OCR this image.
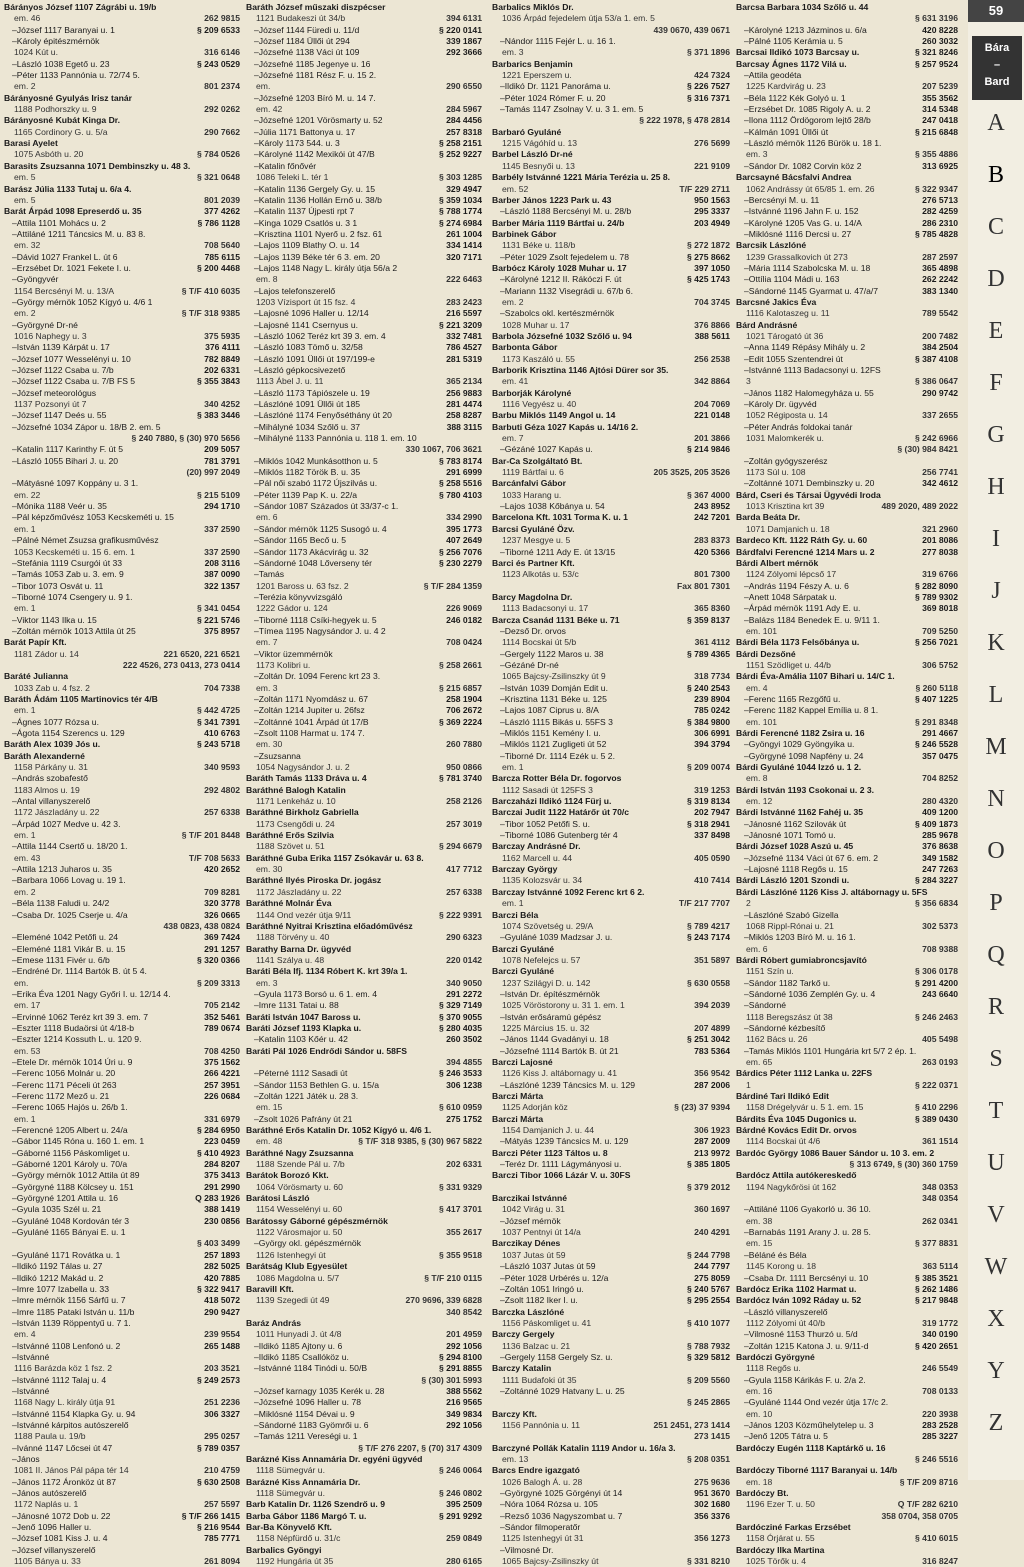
Bárányos József 1107 Zágrábi u. 19/b
em. 46	262 9815
–József 1117 Baranyai u. 1	§ 209 6533
–Károly épitészmérnök
1024 Kút u.	316 6146
–László 1038 Egető u. 23	§ 243 0529
–Péter 1133 Pannónia u. 72/74 5.
em. 2	801 2374
Bárányosné Gyulyás Irisz tanár
1188 Podhorszky u. 9	292 0262
Bárányosné Kubát Kinga Dr.
1165 Cordinory G. u. 5/a	290 7662
Barasi Ayelet
1075 Asbóth u. 20	§ 784 0526
Barasits Zsuzsanna 1071 Dembinszky u. 48 3.
em. 5	§ 321 0648
Barász Júlia 1133 Tutaj u. 6/a 4.
em. 5	801 2039
Barát Árpád 1098 Epreserdő u. 35	377 4262
–Attila 1101 Mohács u. 2	§ 786 1128
–Attiláné 1211 Táncsics M. u. 83 8.
em. 32	708 5640
–Dávid 1027 Frankel L. út 6	785 6115
–Erzsébet Dr. 1021 Fekete I. u.	§ 200 4468
–Gyöngyvér
1154 Bercsényi M. u. 13/A	§ T/F 410 6035
–György mérnök 1052 Kígyó u. 4/6 1
em. 2	§ T/F 318 9385
–Györgyné Dr-né
1016 Naphegy u. 3	375 5935
–István 1139 Kárpát u. 17	376 4111
–József 1077 Wesselényi u. 10	782 8849
–József 1122 Csaba u. 7/b	202 6331
–József 1122 Csaba u. 7/B FS 5	§ 355 3843
–József meteorológus
1137 Pozsonyi út 7	340 4252
–József 1147 Deés u. 55	§ 383 3446
–Józsefné 1034 Zápor u. 18/B 2. em. 5
§ 240 7880, § (30) 970 5656
–Katalin 1117 Karinthy F. út 5	209 5057
–László 1055 Bihari J. u. 20	781 3791
(20) 997 2049
–Mátyásné 1097 Koppány u. 3 1.
em. 22	§ 215 5109
–Mónika 1188 Veér u. 35	294 1710
–Pál képzőművész 1053 Kecskeméti u. 15
em. 1	337 2590
–Pálné Német Zsuzsa grafikusművész
1053 Kecskeméti u. 15 6. em. 1	337 2590
–Stefánia 1119 Csurgói út 33	208 3116
–Tamás 1053 Zab u. 3. em. 9	387 0090
–Tibor 1073 Osvát u. 11	322 1357
–Tiborné 1074 Csengery u. 9 1.
em. 1	§ 341 0454
–Viktor 1143 Ilka u. 15	§ 221 5746
–Zoltán mérnök 1013 Attila út 25	375 8957
Barát Papír Kft.
1181 Zádor u. 14	221 6520, 221 6521
222 4526, 273 0413, 273 0414
Baráté Julianna
1033 Zab u. 4 fsz. 2	704 7338
Baráth Ádám 1105 Martinovics tér 4/B
em. 1	§ 442 4725
–Ágnes 1077 Rózsa u.	§ 341 7391
–Ágota 1154 Szerencs u. 129	410 6763
Baráth Alex 1039 Jós u.	§ 243 5718
Baráth Alexanderné
1158 Párkány u. 31	340 9593
–András szobafestő
1183 Almos u. 19	292 4802
–Antal villanyszerelő
1172 Jászladány u. 22	257 6338
–Árpád 1027 Medve u. 42 3.
em. 1	§ T/F 201 8448
–Attila 1144 Csertő u. 18/20 1.
em. 43	T/F 708 5633
–Attila 1213 Juharos u. 35	420 2652
–Barbara 1066 Lovag u. 19 1.
em. 2	709 8281
–Béla 1138 Faludi u. 24/2	320 3778
–Csaba Dr. 1025 Cserje u. 4/a	326 0665
438 0823, 438 0824
–Eleméné 1042 Petőfi u. 24	369 7424
–Eleméné 1181 Vikár B. u. 15	291 1257
–Emese 1131 Fivér u. 6/b	§ 320 0366
–Endréné Dr. 1114 Bartók B. út 5 4.
em.	§ 209 3313
–Erika Éva 1201 Nagy Győri I. u. 12/14 4.
em. 17	705 2142
–Ervinné 1062 Teréz krt 39 3. em. 7	352 5461
–Eszter 1118 Budaörsi út 4/18-b	789 0674
–Eszter 1214 Kossuth L. u. 120 9.
em. 53	708 4250
–Etele Dr. mérnök 1014 Úri u. 9	375 1562
–Ferenc 1056 Molnár u. 20	266 4221
–Ferenc 1171 Péceli út 263	257 3951
–Ferenc 1172 Mező u. 21	226 0684
–Ferenc 1065 Hajós u. 26/b 1.
em. 1	331 6979
–Ferencné 1205 Albert u. 24/a	§ 284 6950
–Gábor 1145 Róna u. 160 1. em. 1	223 0459
–Gáborné 1156 Páskomliget u.	§ 410 4923
–Gáborné 1201 Károly u. 70/a	284 8207
–György mérnök 1012 Attila út 89	375 3413
–Györgyné 1188 Kölcsey u. 151	291 2990
–Györgyné 1201 Attila u. 16	Q 283 1926
–Gyula 1035 Szél u. 21	388 1419
–Gyuláné 1048 Kordován tér 3	230 0856
–Gyuláné 1165 Bányai E. u. 1
§ 403 3499
–Gyuláné 1171 Rovátka u. 1	257 1893
–Ildikó 1192 Tálas u. 27	282 5025
–Ildikó 1212 Makád u. 2	420 7885
–Imre 1077 Izabella u. 33	§ 322 9417
–Imre mérnök 1156 Sárfű u. 7	418 5072
–Imre 1185 Pataki István u. 11/b	290 9427
–István 1139 Röppentyű u. 7 1.
em. 4	239 9554
–Istvánné 1108 Lenfonó u. 2	265 1488
–Istvánné
1116 Barázda köz 1 fsz. 2	203 3521
–Istvánné 1112 Talaj u. 4	§ 249 2573
–Istvánné
1168 Nagy L. király útja 91	251 2236
–Istvánné 1154 Klapka Gy. u. 94	306 3327
–Istvánné kárpitos autószerelő
1188 Paula u. 19/b	295 0257
–Ivánné 1147 Lőcsei út 47	§ 789 0357
–János
1081 II. János Pál pápa tér 14	210 4759
–János 1172 Áronköz út 87	§ 630 2508
–János autószerelő
1172 Naplás u. 1	257 5597
–Jánosné 1072 Dob u. 22	§ T/F 266 1415
–Jenő 1096 Haller u.	§ 216 9544
–József 1081 Kiss J. u. 4	785 7771
–József villanyszerelő
1105 Bánya u. 33	261 8094
Baráth József műszaki diszpécser
1121 Budakeszi út 34/b	394 6131
–József 1144 Füredi u. 11/d	§ 220 0141
–József 1184 Üllői út 294	339 1867
–Józsefné 1138 Váci út 109	292 3666
–Józsefné 1185 Jegenye u. 16
–Józsefné 1181 Rész F. u. 15 2.
em.	290 6550
–Józsefné 1203 Bíró M. u. 14 7.
em. 42	284 5967
–Józsefné 1201 Vörösmarty u. 52	284 4456
–Júlia 1171 Battonya u. 17	257 8318
–Károly 1173 544. u. 3	§ 258 2151
–Károlyné 1142 Mexikói út 47/B	§ 252 9227
–Katalin főnővér
1086 Teleki L. tér 1	§ 303 1285
–Katalin 1136 Gergely Gy. u. 15	329 4947
–Katalin 1136 Hollán Ernő u. 38/b	§ 359 1034
–Katalin 1137 Újpesti rpt 7	§ 788 1774
–Kinga 1029 Csatlós u. 3 1	§ 274 6984
–Krisztina 1101 Nyerő u. 2 fsz. 61	261 1004
–Lajos 1109 Blathy O. u. 14	334 1414
–Lajos 1139 Béke tér 6 3. em. 20	320 7171
–Lajos 1148 Nagy L. király útja 56/a 2
em. 8	222 6463
–Lajos telefonszerelő
1203 Vízisport út 15 fsz. 4	283 2423
–Lajosné 1096 Haller u. 12/14	216 5597
–Lajosné 1141 Csernyus u.	§ 221 3209
–László 1062 Teréz krt 39 3. em. 4	332 7481
–László 1083 Tömő u. 32/58	786 4527
–László 1091 Üllői út 197/199-e	281 5319
–László gépkocsivezető
1113 Ábel J. u. 11	365 2134
–László 1173 Tápiószele u. 19	256 9883
–Lászlóné 1091 Üllői út 185	281 4474
–Lászlóné 1174 Fenyőséthány út 20	258 8287
–Mihályné 1034 Szőlő u. 37	388 3115
–Mihályné 1133 Pannónia u. 118 1. em. 10
330 1067, 706 3621
–Miklós 1042 Munkásotthon u. 5	§ 783 8174
–Miklós 1182 Török B. u. 35	291 6999
–Pál női szabó 1172 Újszilvás u.	§ 258 5516
–Péter 1139 Pap K. u. 22/a	§ 780 4103
–Sándor 1087 Százados út 33/37-c 1.
em. 6	334 2990
–Sándor mérnök 1125 Susogó u. 4	395 1773
–Sándor 1165 Becő u. 5	407 2649
–Sándor 1173 Akácvirág u. 32	§ 256 7076
–Sándorné 1048 Lőverseny tér	§ 230 2279
–Tamás
1201 Baross u. 63 fsz. 2	§ T/F 284 1359
–Terézia könyvvizsgáló
1222 Gádor u. 124	226 9069
–Tiborné 1118 Csíki-hegyek u. 5	246 0182
–Tímea 1195 Nagysándor J. u. 4 2
em. 7	708 0424
–Viktor üzemmérnök
1173 Kolibri u.	§ 258 2661
–Zoltán Dr. 1094 Ferenc krt 23 3.
em. 3	§ 215 6857
–Zoltán 1171 Nyomdász u. 67	258 1904
–Zoltán 1214 Jupiter u. 26fsz	706 2672
–Zoltánné 1041 Árpád út 17/B	§ 369 2224
–Zsolt 1108 Harmat u. 174 7.
em. 30	260 7880
–Zsuzsanna
1054 Nagysándor J. u. 2	950 0866
Baráth Tamás 1133 Dráva u. 4	§ 781 3740
Baráthné Balogh Katalin
1171 Lenkeház u. 10	258 2126
Baráthné Birkholz Gabriella
1173 Csengődi u. 24	257 3019
Baráthné Erős Szilvia
1188 Szövet u. 51	§ 294 6679
Baráthné Guba Erika 1157 Zsókavár u. 63 8.
em. 30	417 7712
Baráthné Ilyés Piroska Dr. jogász
1172 Jászladány u. 22	257 6338
Baráthné Molnár Éva
1144 Ond vezér útja 9/11	§ 222 9391
Baráthné Nyitrai Krisztina előadóművész
1188 Törvény u. 40	290 6323
Barathy Barna Dr. ügyvéd
1141 Szálya u. 48	220 0142
Baráti Béla Ifj. 1134 Róbert K. krt 39/a 1.
em. 3	340 9050
–Gyula 1173 Borsó u. 6 1. em. 4	291 2272
–Imre 1131 Tatai u. 88	§ 329 7149
Baráti István 1047 Baross u.	§ 370 9055
Baráti József 1193 Klapka u.	§ 280 4035
–Katalin 1103 Kőér u. 42	260 3502
Baráti Pál 1026 Endrődi Sándor u. 58FS
394 4855
–Péterné 1112 Sasadi út	§ 246 3533
–Sándor 1153 Bethlen G. u. 15/a	306 1238
–Zoltán 1221 Játék u. 28 3.
em. 15	§ 610 0959
–Zsolt 1026 Pafrány út 21	275 1752
Baráthné Erős Katalin Dr. 1052 Kígyó u. 4/6 1.
em. 48	§ T/F 318 9385, § (30) 967 5822
Baráthné Nagy Zsuzsanna
1188 Szende Pál u. 7/b	202 6331
Barátok Borozó Kkt.
1064 Vörösmarty u. 60	§ 331 9329
Barátosi László
1154 Wesselényi u. 60	§ 417 3701
Barátossy Gáborné gépészmérnök
1122 Városmajor u. 50	355 2617
–György okl. gépészmérnök
1126 Istenhegyi út	§ 355 9518
Barátság Klub Egyesület
1086 Magdolna u. 5/7	§ T/F 210 0115
Baravill Kft.
1139 Szegedi út 49	270 9696, 339 6828
340 8542
Baráz András
1011 Hunyadi J. út 4/8	201 4959
–Ildikó 1185 Ajtony u. 6	292 1056
–Ildikó 1185 Csallóköz u.	§ 294 8100
–Istvánné 1184 Tinódi u. 50/B	§ 291 8855
§ (30) 301 5993
–József karnagy 1035 Kerék u. 28	388 5562
–Józsefné 1096 Haller u. 78	216 9565
–Miklósné 1154 Dévai u. 9	349 9834
–Sándorné 1183 Gyömrői u. 6	292 1056
–Tamás 1211 Vereségi u. 1
§ T/F 276 2207, § (70) 317 4309
Barázné Kiss Annamária Dr. egyéni ügyvéd
1118 Sümegvár u.	§ 246 0064
Barázné Kiss Annamária Dr.
1118 Sümegvár u.	§ 246 0802
Barb Katalin Dr. 1126 Szendrő u. 9	395 2509
Barba Gábor 1186 Margó T. u.	§ 291 9292
Bar-Ba Könyvelő Kft.
1158 Népfürdő u. 31/c	259 0849
Barbalics Gyöngyi
1192 Hungária út 35	280 6165
Barbalics Miklós Dr.
1036 Árpád fejedelem útja 53/a 1. em. 5
439 0670, 439 0671
–Nándor 1115 Fejér L. u. 16 1.
em. 3	§ 371 1896
Barbarics Benjamin
1221 Eperszem u.	424 7324
–Ildikó Dr. 1121 Panoráma u.	§ 226 7527
–Péter 1024 Rómer F. u. 20	§ 316 7371
–Tamás 1147 Zsolnay V. u. 3 1. em. 5
§ 222 1978, § 478 2814
Barbaró Gyuláné
1215 Vágóhíd u. 13	276 5699
Barbel László Dr-né
1145 Besnyői u. 13	221 9109
Barbély Istvánné 1221 Mária Terézia u. 25 8.
em. 52	T/F 229 2711
Barber János 1223 Park u. 43	950 1563
–László 1188 Bercsényi M. u. 28/b	295 3337
Barber Mária 1119 Bártfai u. 24/b	203 4949
Barbinek Gábor
1131 Béke u. 118/b	§ 272 1872
–Péter 1029 Zsolt fejedelem u. 78	§ 275 8662
Barbócz Károly 1028 Muhar u. 17	397 1050
–Károlyné 1212 II. Rákóczi F. út	§ 425 1743
–Mariann 1132 Visegrádi u. 67/b 6.
em. 2	704 3745
–Szabolcs okl. kertészmérnök
1028 Muhar u. 17	376 8866
Barbola Józsefné 1032 Szőlő u. 94	388 5611
Barbonta Gábor
1173 Kaszáló u. 55	256 2538
Barborik Krisztina 1146 Ajtósi Dürer sor 35.
em. 41	342 8864
Barborják Károlyné
1116 Vegyész u. 40	204 7069
Barbu Miklós 1149 Angol u. 14	221 0148
Barbuti Géza 1027 Kapás u. 14/16 2.
em. 7	201 3866
–Gézáné 1027 Kapás u.	§ 214 9846
Bar-Ca Szolgáltató Bt.
1119 Bártfai u. 6	205 3525, 205 3526
Barcánfalvi Gábor
1033 Harang u.	§ 367 4000
–Lajos 1038 Kőbánya u. 54	243 8952
Barcelona Kft. 1031 Torma K. u. 1	242 7201
Barcsi Gyuláné Özv.
1237 Mesgye u. 5	283 8373
–Tiborné 1211 Ady E. út 13/15	420 5366
Barci és Partner Kft.
1123 Alkotás u. 53/c	801 7300
Fax 801 7301
Barcy Magdolna Dr.
1113 Badacsonyi u. 17	365 8360
Barcza Csanád 1131 Béke u. 71	§ 359 8137
–Dezső Dr. orvos
1114 Bocskai út 5/b	361 4112
–Gergely 1122 Maros u. 38	§ 789 4365
–Gézáné Dr-né
1065 Bajcsy-Zsilinszky út 9	318 7734
–István 1039 Domján Edit u.	§ 240 2543
–Krisztina 1131 Béke u. 125	239 8904
–Lajos 1087 Ciprus u. 8/A	785 0242
–László 1115 Bikás u. 55FS 3	§ 384 9800
–Miklós 1151 Kemény I. u.	306 6991
–Miklós 1121 Zugligeti út 52	394 3794
–Tiborné Dr. 1114 Ezék u. 5 2.
em. 1	§ 209 0074
Barcza Rotter Béla Dr. fogorvos
1112 Sasadi út 125FS 3	319 1253
Barczaházi Ildikó 1124 Fürj u.	§ 319 8134
Barczai Judit 1122 Határőr út 70/c	202 7947
–Tibor 1052 Petőfi S. u.	§ 318 2941
–Tiborné 1086 Gutenberg tér 4	337 8498
Barczay Andrásné Dr.
1162 Marcell u. 44	405 0590
Barczay György
1135 Kolozsvár u. 34	410 7414
Barczay Istvánné 1092 Ferenc krt 6 2.
em. 1	T/F 217 7707
Barczi Béla
1074 Szövetség u. 29/A	§ 789 4217
–Gyuláné 1039 Madzsar J. u.	§ 243 7174
Barczi Gyuláné
1078 Nefelejcs u. 57	351 5897
Barczi Gyuláné
1237 Szilágyi D. u. 142	§ 630 0558
–István Dr. építészmérnök
1025 Vöröstorony u. 31 1. em. 1	394 2039
–István erősáramú gépész
1225 Március 15. u. 32	207 4899
–János 1144 Gvadányi u. 18	§ 251 3042
–Józsefné 1114 Bartók B. út 21	783 5364
Barczi Lajosné
1126 Kiss J. altábornagy u. 41	356 9542
–Lászlóné 1239 Táncsics M. u. 129	287 2006
Barczi Márta
1125 Adorján köz	§ (23) 37 9394
Barczi Márta
1154 Damjanich J. u. 44	306 1923
–Mátyás 1239 Táncsics M. u. 129	287 2009
Barczi Péter 1123 Táltos u. 8	213 9972
–Teréz Dr. 1111 Lágymányosi u.	§ 385 1805
Barczi Tibor 1066 Lázár V. u. 30FS
§ 379 2012
Barczikai Istvánné
1042 Virág u. 31	360 1697
–József mérnök
1037 Pentnyi út 14/a	240 4291
Barczikay Dénes
1037 Jutas út 59	§ 244 7798
–László 1037 Jutas út 59	244 7797
–Péter 1028 Urbérés u. 12/a	275 8059
–Zoltán 1051 Iringó u.	§ 240 5767
–Zsolt 1182 Iker I. u.	§ 295 2554
Barczka Lászlóné
1156 Páskomliget u. 41	§ 410 1077
Barczy Gergely
1136 Balzac u. 21	§ 788 7932
–Gergely 1158 Gergely Sz. u.	§ 329 5812
Barczy Katalin
1111 Budafoki út 35	§ 209 5560
–Zoltánné 1029 Hatvany L. u. 25
§ 245 2865
Barczy Kft.
1156 Pannónia u. 11	251 2451, 273 1414
273 1415
Barczyné Pollák Katalin 1119 Andor u. 16/a 3.
em. 13	§ 208 0351
Barcs Endre igazgató
1026 Balogh Á. u. 28	275 9636
–Györgyné 1025 Görgényi út 14	951 3670
–Nóra 1064 Rózsa u. 105	302 1680
–Rezső 1036 Nagyszombat u. 7	356 3376
–Sándor filmoperatőr
1125 Istenhegyi út 31	356 1273
–Vilmosné Dr.
1065 Bajcsy-Zsilinszky út	§ 331 8210
Barcsa Barbara 1034 Szőlő u. 44
§ 631 3196
–Károlyné 1213 Jázminos u. 6/a	420 8228
–Pálné 1105 Kerámia u. 5	260 3032
Barcsai Ildikó 1073 Barcsay u.	§ 321 8246
Barcsay Ágnes 1172 Vilá u.	§ 257 9524
–Attila geodéta
1225 Kardvirág u. 23	207 5239
–Béla 1122 Kék Golyó u. 1	355 3562
–Erzsébet Dr. 1085 Rigoly A. u. 2	314 5348
–Ilona 1112 Ördögorom lejtő 28/b	247 0418
–Kálmán 1091 Üllői út	§ 215 6848
–László mérnök 1126 Bürök u. 18 1.
em. 3	§ 355 4886
–Sándor Dr. 1082 Corvin köz 2	313 6925
Barcsayné Bácsfalvi Andrea
1062 Andrássy út 65/85 1. em. 26	§ 322 9347
–Bercsényi M. u. 11	276 5713
–Istvánné 1196 Jahn F. u. 152	282 4259
–Károlyné 1205 Vas G. u. 14/A	286 2310
–Miklósné 1116 Dercsi u. 27	§ 785 4828
Barcsik Lászlóné
1239 Grassalkovich út 273	287 2597
–Mária 1114 Szabolcska M. u. 18	365 4898
–Ottília 1104 Mádi u. 163	262 2242
–Sándorné 1145 Gyarmat u. 47/a/7	383 1340
Barcsné Jakics Éva
1116 Kalotaszeg u. 11	789 5542
Bárd Andrásné
1021 Tárogató út 36	200 7482
–Anna 1149 Répásy Mihály u. 2	384 2504
–Edit 1055 Szentendrei út	§ 387 4108
–Istvánné 1113 Badacsonyi u. 12FS
3	§ 386 0647
–János 1182 Halomegyháza u. 55	290 9742
–Károly Dr. ügyvéd
1052 Régiposta u. 14	337 2655
–Péter András foldokai tanár
1031 Malomkerék u.	§ 242 6966
§ (30) 984 8421
–Zoltán gyógyszerész
1173 Súl u. 108	256 7741
–Zoltánné 1071 Dembinszky u. 20	342 4612
Bárd, Cseri és Társai Ügyvédi Iroda
1013 Krisztina krt 39	489 2020, 489 2022
Barda Beáta Dr.
1071 Damjanich u. 18	321 2960
Bardeco Kft. 1122 Ráth Gy. u. 60	201 8086
Bárdfalvi Ferencné 1214 Mars u. 2	277 8038
Bárdi Albert mérnök
1124 Zólyomi lépcső 17	319 6766
–András 1194 Fészy A. u. 6	§ 282 8090
–Anett 1048 Sárpatak u.	§ 789 9302
–Árpád mérnök 1191 Ady E. u.	369 8018
–Balázs 1184 Benedek E. u. 9/11 1.
em. 101	709 5250
Bárdi Béla 1173 Felsőbánya u.	§ 256 7021
Bárdi Dezsőné
1151 Szödliget u. 44/b	306 5752
Bárdi Éva-Amália 1107 Bihari u. 14/C 1.
em. 4	§ 260 5118
–Ferenc 1165 Rezgőfű u.	§ 407 1225
–Ferenc 1182 Kappel Emília u. 8 1.
em. 101	§ 291 8348
Bárdi Ferencné 1182 Zsira u. 16	291 4667
–Gyöngyi 1029 Gyöngyika u.	§ 246 5528
–Györgyné 1098 Napfény u. 24	357 0475
Bárdi Gyuláné 1044 Izzó u. 1 2.
em. 8	704 8252
Bárdi István 1193 Csokonai u. 2 3.
em. 12	280 4320
Bárdi Istvánné 1162 Fahéj u. 35	409 1200
–Jánosné 1162 Szilovák út	§ 409 1873
–Jánosné 1071 Tomó u.	285 9678
Bárdi József 1028 Aszú u. 45	376 8638
–Józsefné 1134 Váci út 67 6. em. 2	349 1582
–Lajosné 1118 Regős u. 15	247 7263
Bárdi László 1201 Szondi u.	§ 284 3227
Bárdi Lászlóné 1126 Kiss J. altábornagy u. 5FS
2	§ 356 6834
–Lászlóné Szabó Gizella
1068 Rippl-Rónai u. 21	302 5373
–Miklós 1203 Bíró M. u. 16 1.
em. 6	708 9388
Bárdi Róbert gumiabroncsjavító
1151 Szín u.	§ 306 0178
–Sándor 1182 Tarkő u.	§ 291 4200
–Sándorné 1036 Zemplén Gy. u. 4	243 6640
–Sándorné
1118 Beregszász út 38	§ 246 2463
–Sándorné kézbesítő
1162 Bács u. 26	405 5498
–Tamás Miklós 1101 Hungária krt 5/7 2 ép. 1.
em. 65	263 0193
Bárdics Péter 1112 Lanka u. 22FS
1	§ 222 0371
Bárdiné Tari Ildikó Edit
1158 Drégelyvár u. 5 1. em. 15	§ 410 2296
Bárdits Éva 1045 Dugonics u.	§ 389 0430
Bárdné Kovács Edit Dr. orvos
1114 Bocskai út 4/6	361 1514
Bardóc György 1086 Bauer Sándor u. 10 3. em. 2
§ 313 6749, § (30) 360 1759
Bardócz Attila autókereskedő
1194 Nagykőrösi út 162	348 0353
348 0354
–Attiláné 1106 Gyakorló u. 36 10.
em. 38	262 0341
–Barnabás 1191 Arany J. u. 28 5.
em. 15	§ 377 8831
–Béláné és Béla
1145 Korong u. 18	363 5114
–Csaba Dr. 1111 Bercsényi u. 10	§ 385 3521
Bardócz Erika 1102 Harmat u.	§ 262 1486
Bardócz Iván 1092 Ráday u. 52	§ 217 9848
–László villanyszerelő
1112 Zólyomi út 40/b	319 1772
–Vilmosné 1153 Thurzó u. 5/d	340 0190
–Zoltán 1215 Katona J. u. 9/11-d	§ 420 2651
Bardóczi Györgyné
1118 Regős u.	246 5549
–Gyula 1158 Kárikás F. u. 2/a 2.
em. 16	708 0133
–Gyuláné 1144 Ond vezér útja 17/c 2.
em. 10	220 3938
–János 1203 Közműhelytelep u. 3	283 2528
–Jenő 1205 Tátra u. 5	285 3227
Bardóczy Eugén 1118 Kaptárkő u. 16
§ 246 5516
Bardóczy Tiborné 1117 Baranyai u. 14/b
em. 18	§ T/F 209 8716
Bardóczy Bt.
1196 Ezer T. u. 50	Q T/F 282 6210
358 0704, 358 0705
Bardócziné Farkas Erzsébet
1158 Órjárat u. 55	§ 410 6015
Bardóczy Ilka Martina
1025 Törők u. 4	316 8247
59
Bára
–
Bard
A
B
C
D
E
F
G
H
I
J
K
L
M
N
O
P
Q
R
S
T
U
V
W
X
Y
Z
